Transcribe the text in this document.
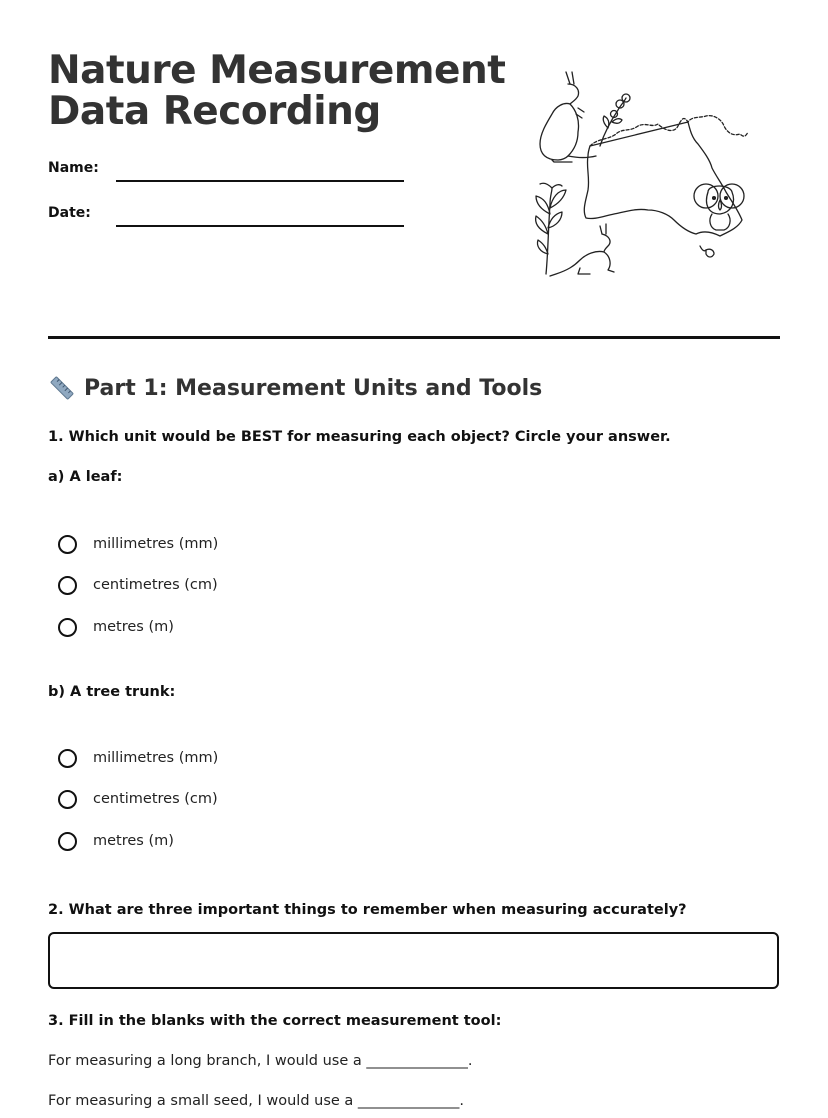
Nature Measurement
Data Recording
Name:
Date:
Part 1: Measurement Units and Tools

1. Which unit would be BEST for measuring each object? Circle your answer.

a) A leaf:

millimetres (mm)
centimetres (cm)
metres (m)

b) A tree trunk:

millimetres (mm)
centimetres (cm)
metres (m)

2. What are three important things to remember when measuring accurately?

3. Fill in the blanks with the correct measurement tool:

For measuring a long branch, I would use a ______________.

For measuring a small seed, I would use a ______________.
